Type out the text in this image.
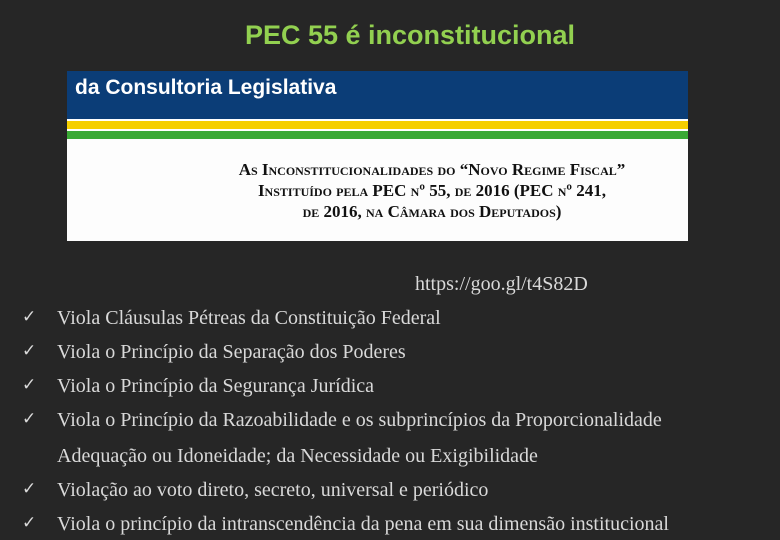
PEC 55 é inconstitucional
da Consultoria Legislativa
As Inconstitucionalidades do “Novo Regime Fiscal”
Instituído pela PEC nº 55, de 2016 (PEC nº 241,
de 2016, na Câmara dos Deputados)
https://goo.gl/t4S82D
✓ Viola Cláusulas Pétreas da Constituição Federal
✓ Viola o Princípio da Separação dos Poderes
✓ Viola o Princípio da Segurança Jurídica
✓ Viola o Princípio da Razoabilidade e os subprincípios da Proporcionalidade
Adequação ou Idoneidade; da Necessidade ou Exigibilidade
✓ Violação ao voto direto, secreto, universal e periódico
✓ Viola o princípio da intranscendência da pena em sua dimensão institucional
